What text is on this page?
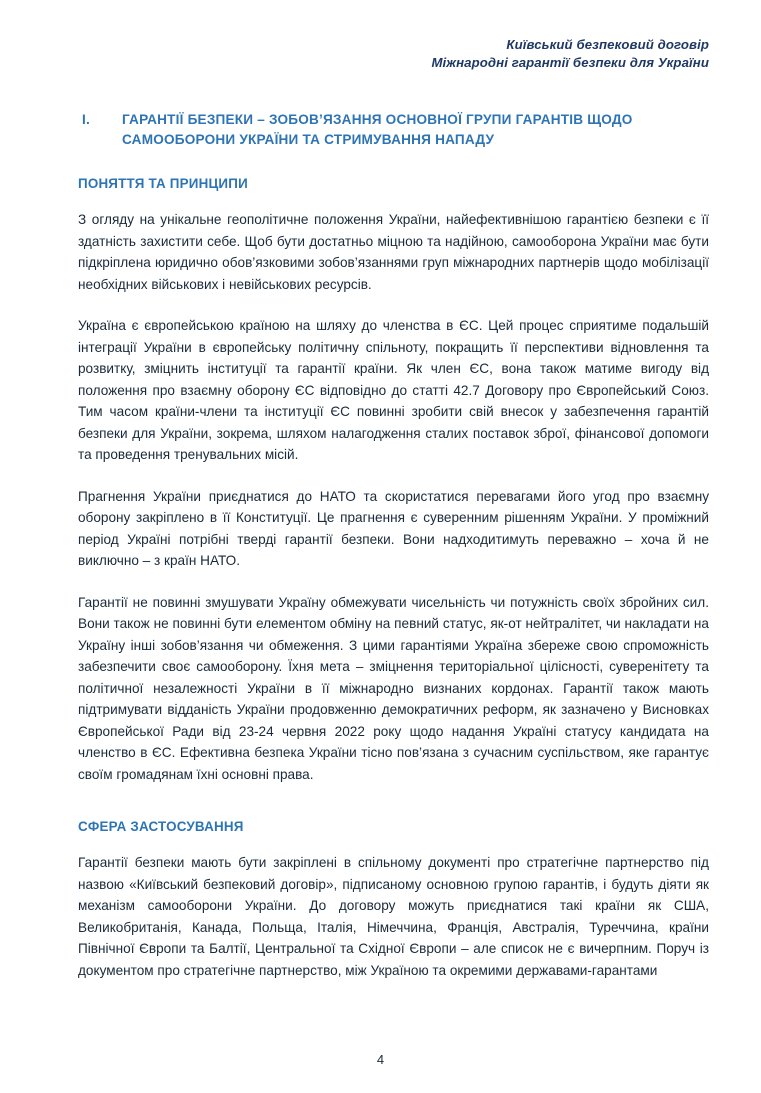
Київський безпековий договір
Міжнародні гарантії безпеки для України
I.	ГАРАНТІЇ БЕЗПЕКИ – ЗОБОВ’ЯЗАННЯ ОСНОВНОЇ ГРУПИ ГАРАНТІВ ЩОДО САМООБОРОНИ УКРАЇНИ ТА СТРИМУВАННЯ НАПАДУ
ПОНЯТТЯ ТА ПРИНЦИПИ

З огляду на унікальне геополітичне положення України, найефективнішою гарантією безпеки є її здатність захистити себе. Щоб бути достатньо міцною та надійною, самооборона України має бути підкріплена юридично обов’язковими зобов’язаннями груп міжнародних партнерів щодо мобілізації необхідних військових і невійськових ресурсів.

Україна є європейською країною на шляху до членства в ЄС. Цей процес сприятиме подальшій інтеграції України в європейську політичну спільноту, покращить її перспективи відновлення та розвитку, зміцнить інституції та гарантії країни. Як член ЄС, вона також матиме вигоду від положення про взаємну оборону ЄС відповідно до статті 42.7 Договору про Європейський Союз. Тим часом країни-члени та інституції ЄС повинні зробити свій внесок у забезпечення гарантій безпеки для України, зокрема, шляхом налагодження сталих поставок зброї, фінансової допомоги та проведення тренувальних місій.

Прагнення України приєднатися до НАТО та скористатися перевагами його угод про взаємну оборону закріплено в її Конституції. Це прагнення є суверенним рішенням України. У проміжний період Україні потрібні тверді гарантії безпеки. Вони надходитимуть переважно – хоча й не виключно – з країн НАТО.

Гарантії не повинні змушувати Україну обмежувати чисельність чи потужність своїх збройних сил. Вони також не повинні бути елементом обміну на певний статус, як-от нейтралітет, чи накладати на Україну інші зобов’язання чи обмеження. З цими гарантіями Україна збереже свою спроможність забезпечити своє самооборону. Їхня мета – зміцнення територіальної цілісності, суверенітету та політичної незалежності України в її міжнародно визнаних кордонах. Гарантії також мають підтримувати відданість України продовженню демократичних реформ, як зазначено у Висновках Європейської Ради від 23-24 червня 2022 року щодо надання Україні статусу кандидата на членство в ЄС. Ефективна безпека України тісно пов’язана з сучасним суспільством, яке гарантує своїм громадянам їхні основні права.

СФЕРА ЗАСТОСУВАННЯ

Гарантії безпеки мають бути закріплені в спільному документі про стратегічне партнерство під назвою «Київський безпековий договір», підписаному основною групою гарантів, і будуть діяти як механізм самооборони України. До договору можуть приєднатися такі країни як США, Великобританія, Канада, Польща, Італія, Німеччина, Франція, Австралія, Туреччина, країни Північної Європи та Балтії, Центральної та Східної Європи – але список не є вичерпним. Поруч із документом про стратегічне партнерство, між Україною та окремими державами-гарантами

4
